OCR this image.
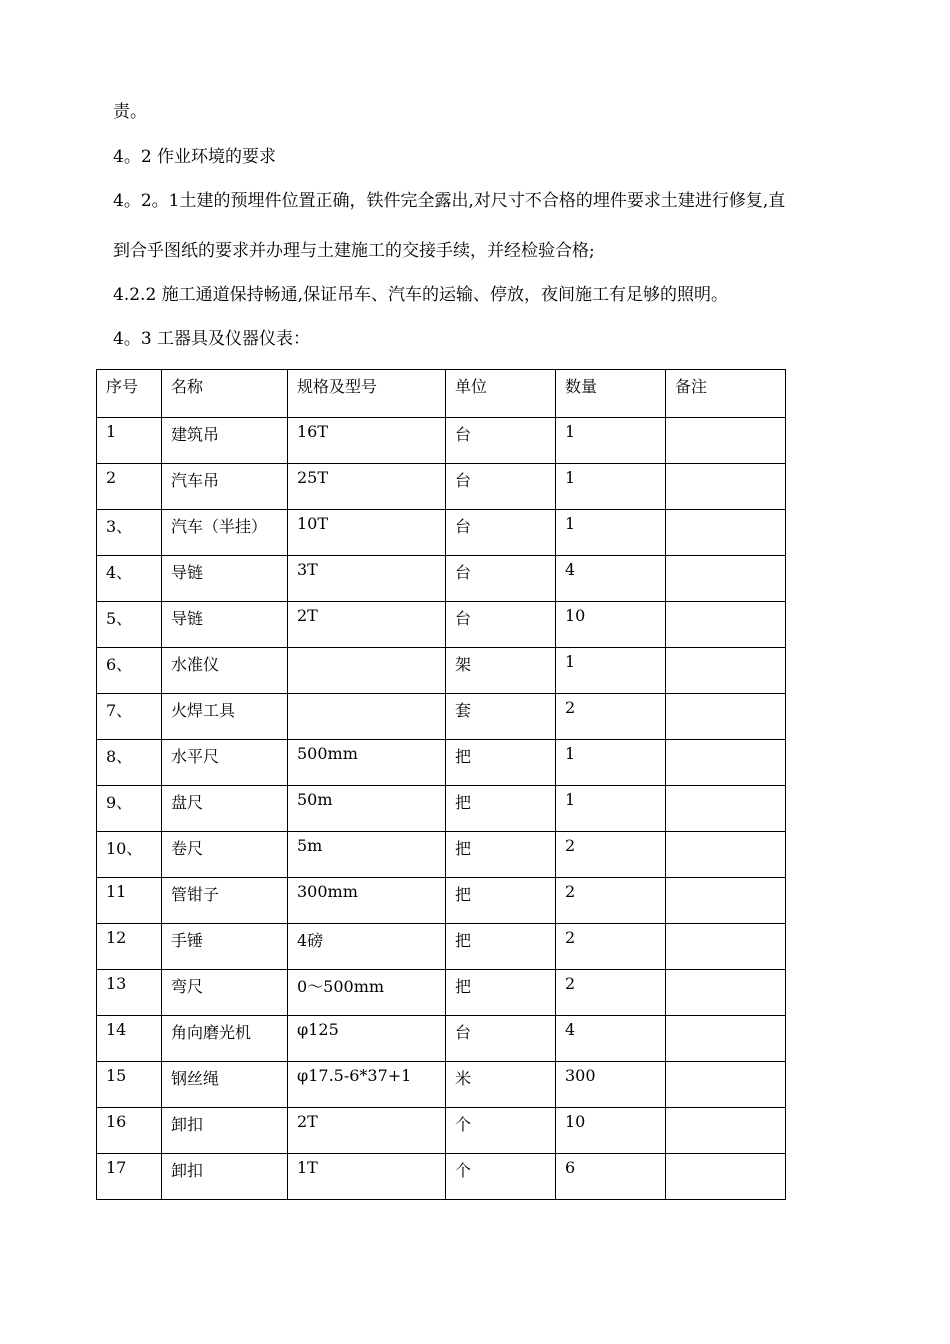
责。
4。2 作业环境的要求
4。2。1土建的预埋件位置正确，铁件完全露出,对尺寸不合格的埋件要求土建进行修复,直
到合乎图纸的要求并办理与土建施工的交接手续，并经检验合格;
4.2.2 施工通道保持畅通,保证吊车、汽车的运输、停放，夜间施工有足够的照明。
4。3 工器具及仪器仪表：
序号	名称	规格及型号	单位	数量	备注
1	建筑吊	16T	台	1	
2	汽车吊	25T	台	1	
3、	汽车（半挂）	10T	台	1	
4、	导链	3T	台	4	
5、	导链	2T	台	10	
6、	水准仪		架	1	
7、	火焊工具		套	2	
8、	水平尺	500mm	把	1	
9、	盘尺	50m	把	1	
10、	卷尺	5m	把	2	
11	管钳子	300mm	把	2	
12	手锤	4磅	把	2	
13	弯尺	0～500mm	把	2	
14	角向磨光机	φ125	台	4	
15	钢丝绳	φ17.5-6*37+1	米	300	
16	卸扣	2T	个	10	
17	卸扣	1T	个	6	
